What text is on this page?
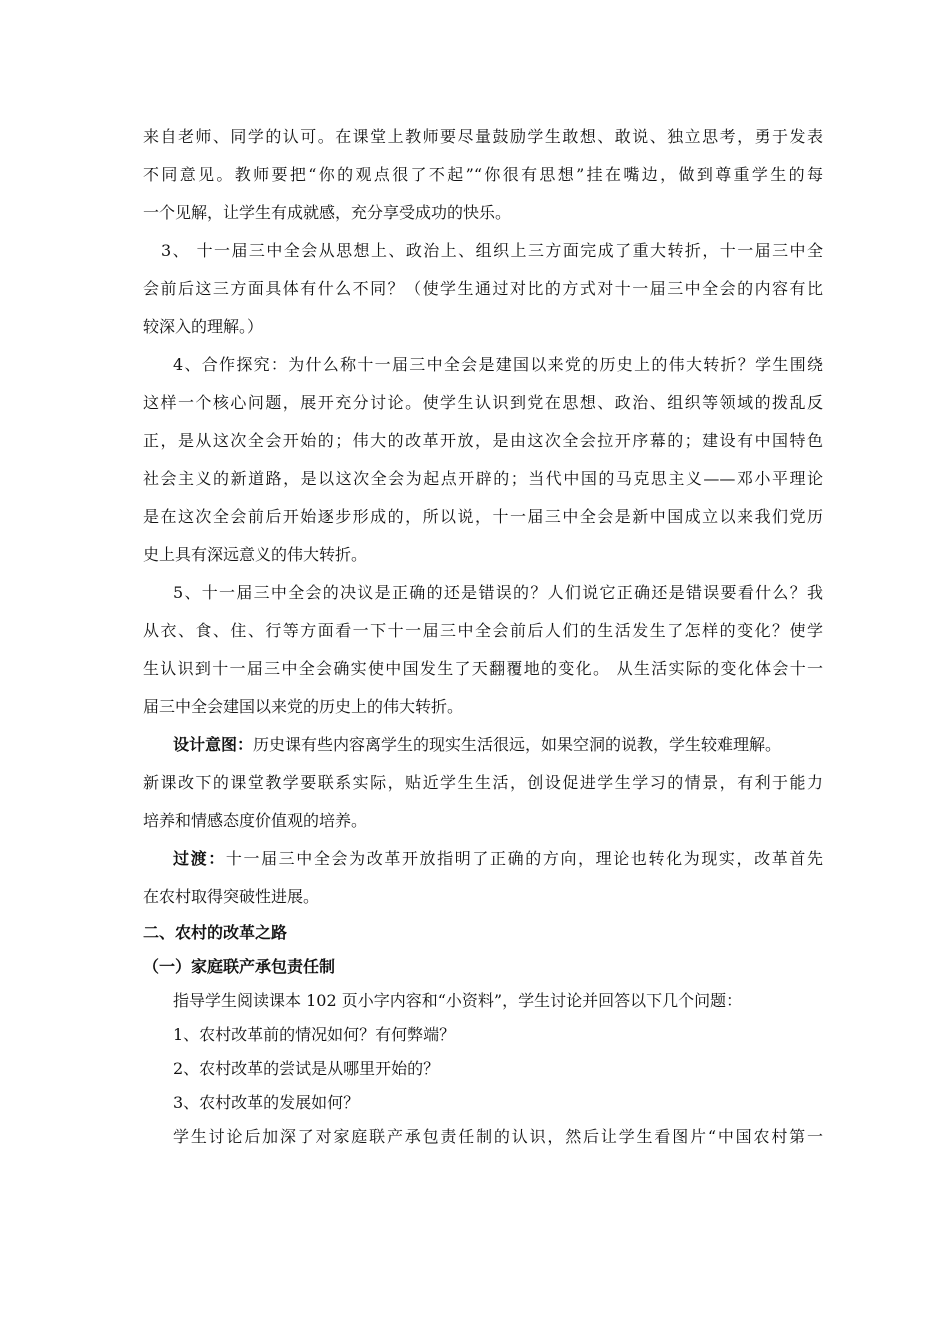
来自老师、同学的认可。在课堂上教师要尽量鼓励学生敢想、敢说、独立思考，勇于发表
不同意见。教师要把“你的观点很了不起”“你很有思想”挂在嘴边，做到尊重学生的每
一个见解，让学生有成就感，充分享受成功的快乐。
3、 十一届三中全会从思想上、政治上、组织上三方面完成了重大转折，十一届三中全
会前后这三方面具体有什么不同？（使学生通过对比的方式对十一届三中全会的内容有比
较深入的理解。）
4、合作探究：为什么称十一届三中全会是建国以来党的历史上的伟大转折？学生围绕
这样一个核心问题，展开充分讨论。使学生认识到党在思想、政治、组织等领域的拨乱反
正，是从这次全会开始的；伟大的改革开放，是由这次全会拉开序幕的；建设有中国特色
社会主义的新道路，是以这次全会为起点开辟的；当代中国的马克思主义——邓小平理论
是在这次全会前后开始逐步形成的，所以说，十一届三中全会是新中国成立以来我们党历
史上具有深远意义的伟大转折。
5、十一届三中全会的决议是正确的还是错误的？人们说它正确还是错误要看什么？我
从衣、食、住、行等方面看一下十一届三中全会前后人们的生活发生了怎样的变化？使学
生认识到十一届三中全会确实使中国发生了天翻覆地的变化。 从生活实际的变化体会十一
届三中全会建国以来党的历史上的伟大转折。
设计意图：历史课有些内容离学生的现实生活很远，如果空洞的说教，学生较难理解。
新课改下的课堂教学要联系实际，贴近学生生活，创设促进学生学习的情景，有利于能力
培养和情感态度价值观的培养。
过渡：十一届三中全会为改革开放指明了正确的方向，理论也转化为现实，改革首先
在农村取得突破性进展。
二、农村的改革之路
（一）家庭联产承包责任制
指导学生阅读课本 102 页小字内容和“小资料”，学生讨论并回答以下几个问题：
1、农村改革前的情况如何？有何弊端？
2、农村改革的尝试是从哪里开始的？
3、农村改革的发展如何？
学生讨论后加深了对家庭联产承包责任制的认识，然后让学生看图片“中国农村第一
